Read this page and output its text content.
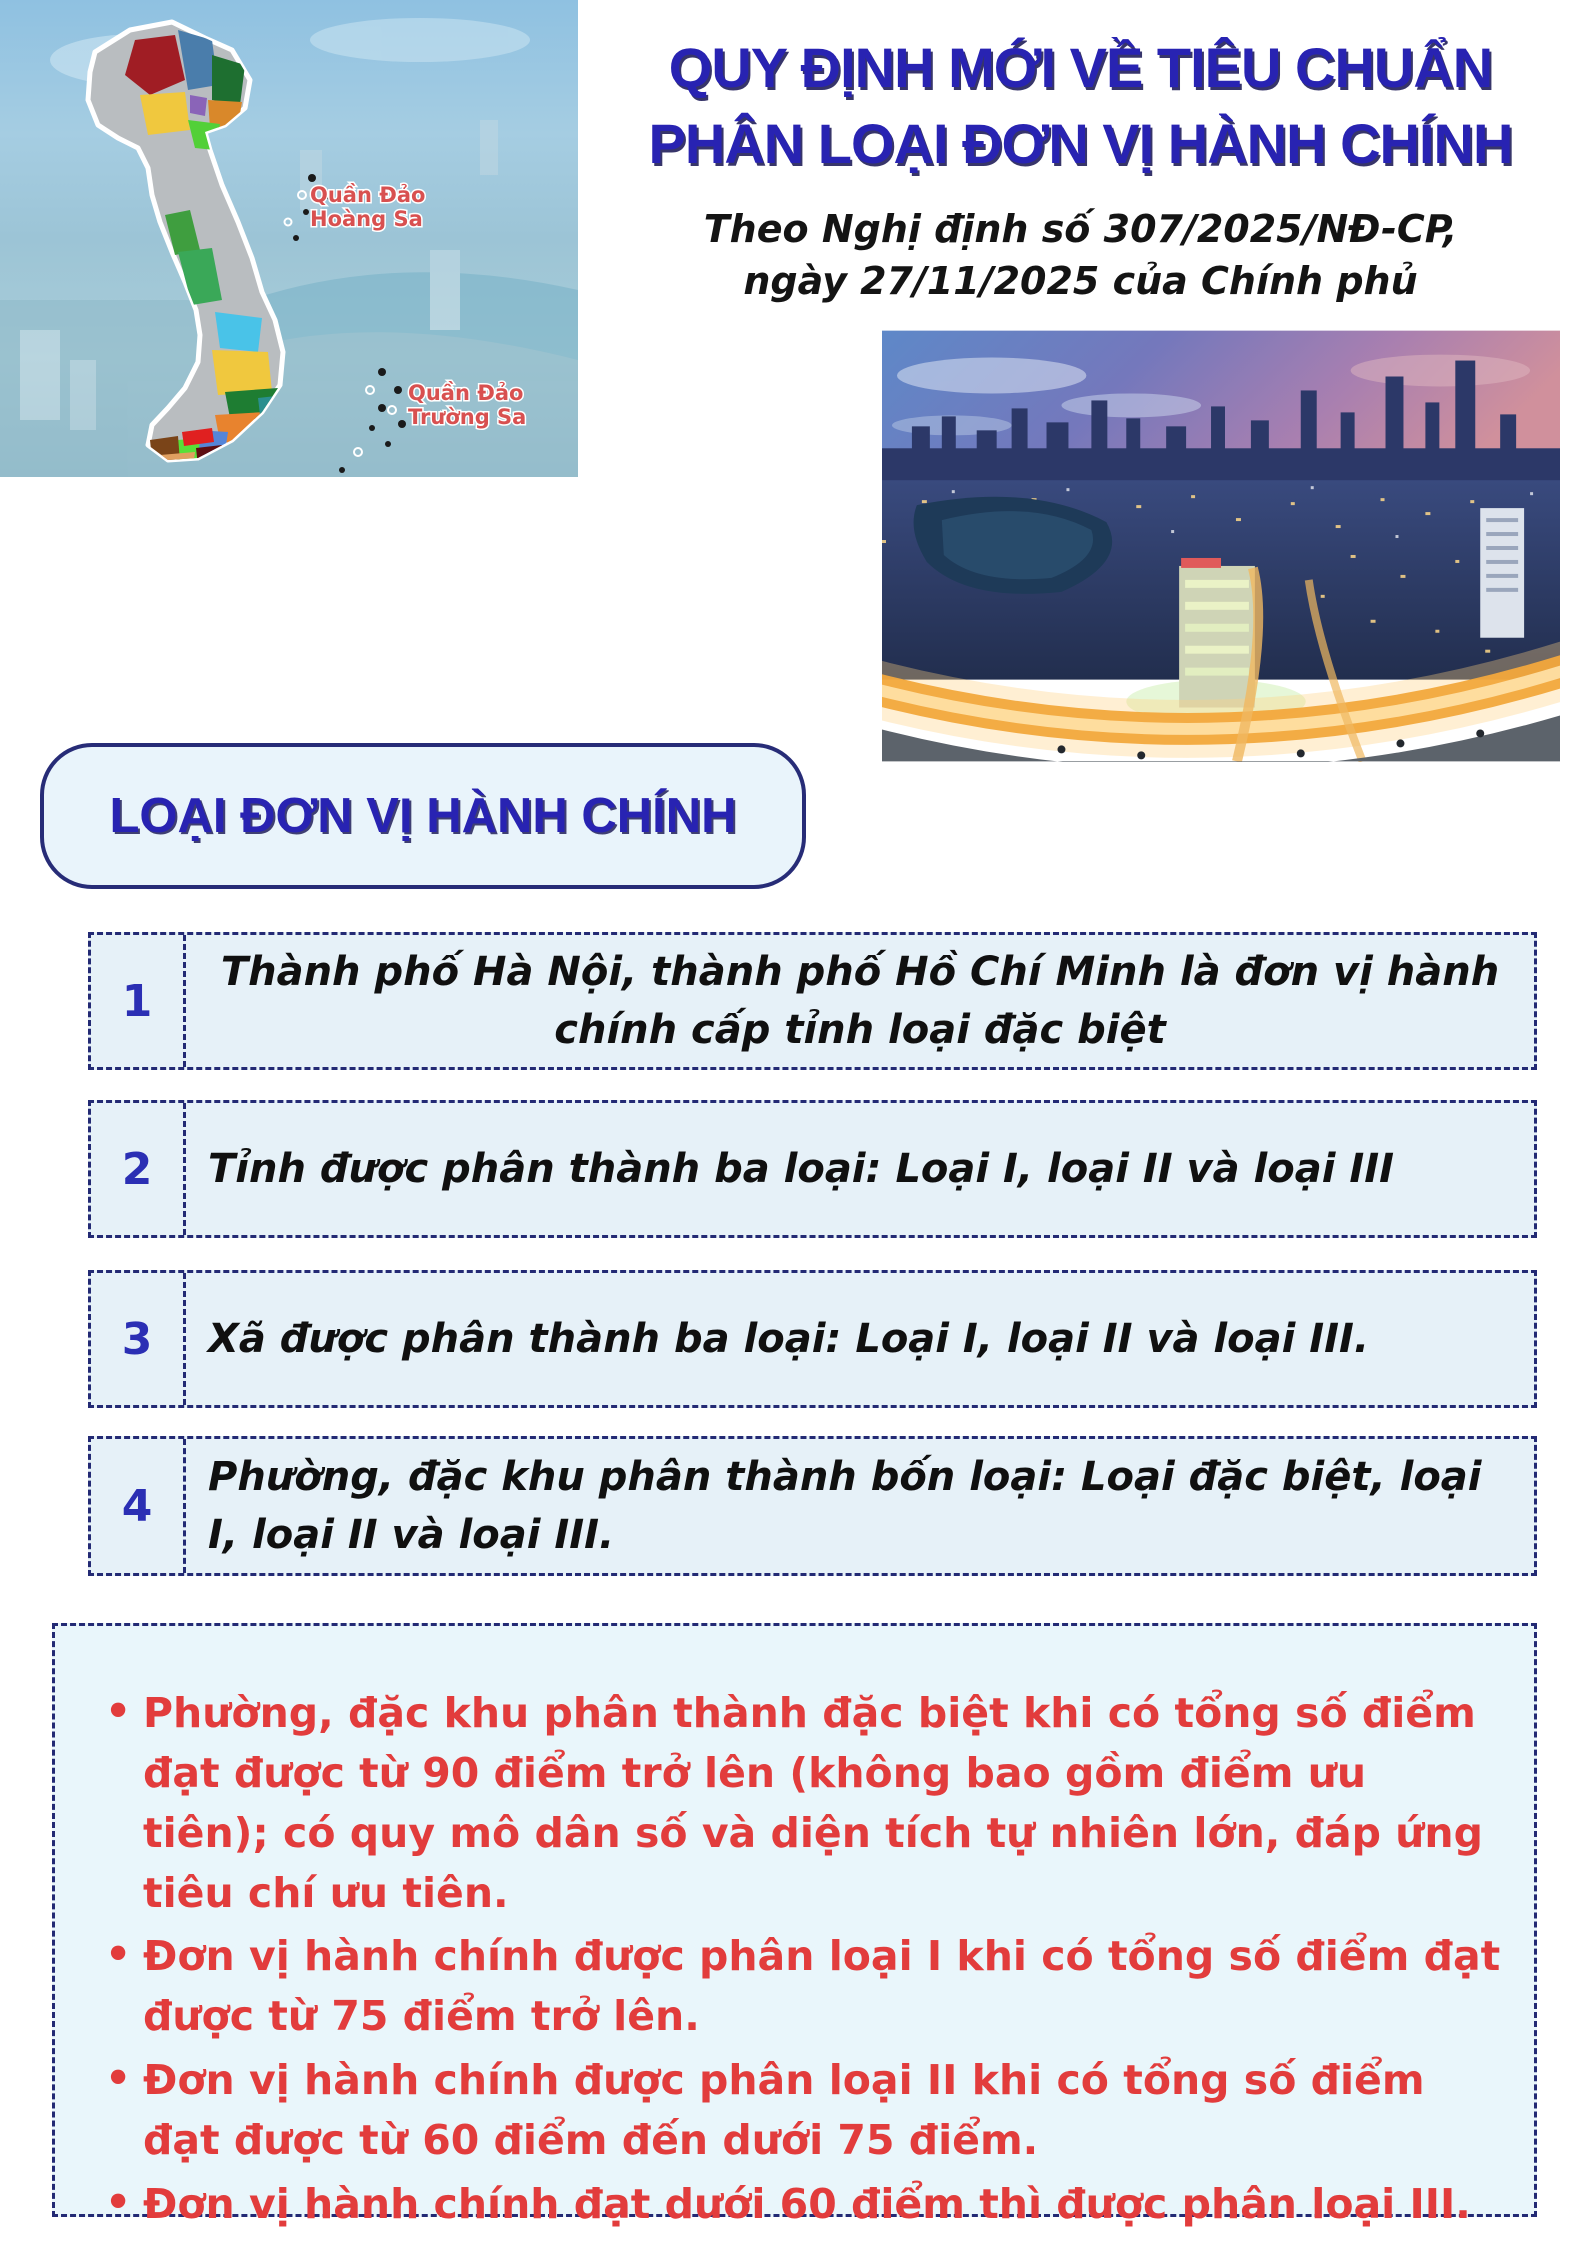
Quần Đảo
Hoàng Sa
Quần Đảo
Trường Sa
QUY ĐỊNH MỚI VỀ TIÊU CHUẨN
PHÂN LOẠI ĐƠN VỊ HÀNH CHÍNH

Theo Nghị định số 307/2025/NĐ-CP,
ngày 27/11/2025 của Chính phủ

LOẠI ĐƠN VỊ HÀNH CHÍNH
1
Thành phố Hà Nội, thành phố Hồ Chí Minh là đơn vị hành chính cấp tỉnh loại đặc biệt
2	Tỉnh được phân thành ba loại: Loại I, loại II và loại III
3	Xã được phân thành ba loại: Loại I, loại II và loại III.
4
Phường, đặc khu phân thành bốn loại: Loại đặc biệt, loại I, loại II và loại III.
• Phường, đặc khu phân thành đặc biệt khi có tổng số điểm đạt được từ 90 điểm trở lên (không bao gồm điểm ưu tiên); có quy mô dân số và diện tích tự nhiên lớn, đáp ứng tiêu chí ưu tiên.
• Đơn vị hành chính được phân loại I khi có tổng số điểm đạt được từ 75 điểm trở lên.
• Đơn vị hành chính được phân loại II khi có tổng số điểm đạt được từ 60 điểm đến dưới 75 điểm.
• Đơn vị hành chính đạt dưới 60 điểm thì được phân loại III.
